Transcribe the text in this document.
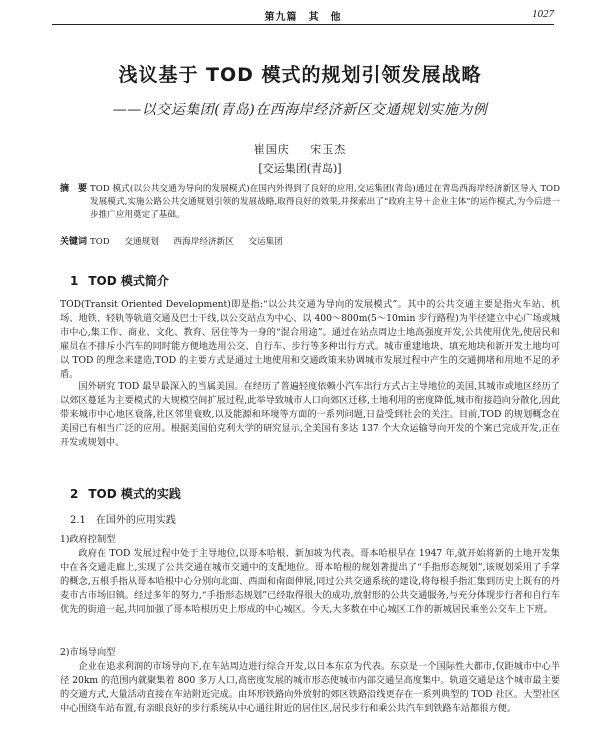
第九篇　其　他	1027
浅议基于 TOD 模式的规划引领发展战略
——以交运集团(青岛)在西海岸经济新区交通规划实施为例
崔国庆 宋玉杰
[交运集团(青岛)]
摘　要 TOD 模式(以公共交通为导向的发展模式)在国内外得到了良好的应用,交运集团(青岛)通过在青岛西海岸经济新区导入 TOD 发展模式,实施公路公共交通规划引领的发展战略,取得良好的效果,并探索出了“政府主导＋企业主体”的运作模式,为今后进一步推广应用奠定了基础。
关键词 TOD 交通规划 西海岸经济新区 交运集团
1 TOD 模式简介

TOD(Transit Oriented Development)即是指:“以公共交通为导向的发展模式”。其中的公共交通主要是指火车站、机场、地铁、轻轨等轨道交通及巴士干线,以公交站点为中心、以 400～800m(5～10min 步行路程)为半径建立中心广场或城市中心,集工作、商业、文化、教育、居住等为一身的“混合用途”。通过在站点周边土地高强度开发,公共使用优先,使居民和雇员在不排斥小汽车的同时能方便地选用公交、自行车、步行等多种出行方式。城市重建地块、填充地块和新开发土地均可以 TOD 的理念来建造,TOD 的主要方式是通过土地使用和交通政策来协调城市发展过程中产生的交通拥堵和用地不足的矛盾。

国外研究 TOD 最早最深入的当属美国。在经历了普遍轻度依赖小汽车出行方式占主导地位的美国,其城市或地区经历了以郊区蔓延为主要模式的大规模空间扩展过程,此举导致城市人口向郊区迁移,土地利用的密度降低,城市衔接趋向分散化,因此带来城市中心地区衰落,社区邻里衰败,以及能源和环境等方面的一系列问题,日益受到社会的关注。目前,TOD 的规划概念在美国已有相当广泛的应用。根据美国伯克利大学的研究显示,全美国有多达 137 个大众运输导向开发的个案已完成开发,正在开发或规划中。

2 TOD 模式的实践
2.1　在国外的应用实践
1)政府控制型

政府在 TOD 发展过程中处于主导地位,以哥本哈根、新加坡为代表。哥本哈根早在 1947 年,就开始将新的土地开发集中在各交通走廊上,实现了公共交通在城市交通中的支配地位。哥本哈根的规划著提出了“手指形态规划”,该规划采用了手掌的概念,五根手指从哥本哈根中心分别向北面、西面和南面伸展,同过公共交通系统的建设,将每根手指汇集到历史上既有的丹麦市古市场旧镇。经过多年的努力,“手指形态规划”已经取得很大的成功,放射形的公共交通服务,与充分体现步行者和自行车优先的街道一起,共同加强了哥本哈根历史上形成的中心城区。今天,大多数在中心城区工作的新城居民乘坐公交车上下班。

2)市场导向型

企业在追求利润的市场导向下,在车站周边进行综合开发,以日本东京为代表。东京是一个国际性大都市,仅距城市中心半径 20km 的范围内就聚集着 800 多万人口,高密度发展的城市形态使城市内部交通呈高度集中。轨道交通是这个城市最主要的交通方式,大量活动直接在车站附近完成。由环形铁路向外放射的郊区铁路沿线更存在一系列典型的 TOD 社区。大型社区中心围绕车站布置,有亲眼良好的步行系统从中心通往附近的居住区,居民步行和乘公共汽车到铁路车站都很方便。
